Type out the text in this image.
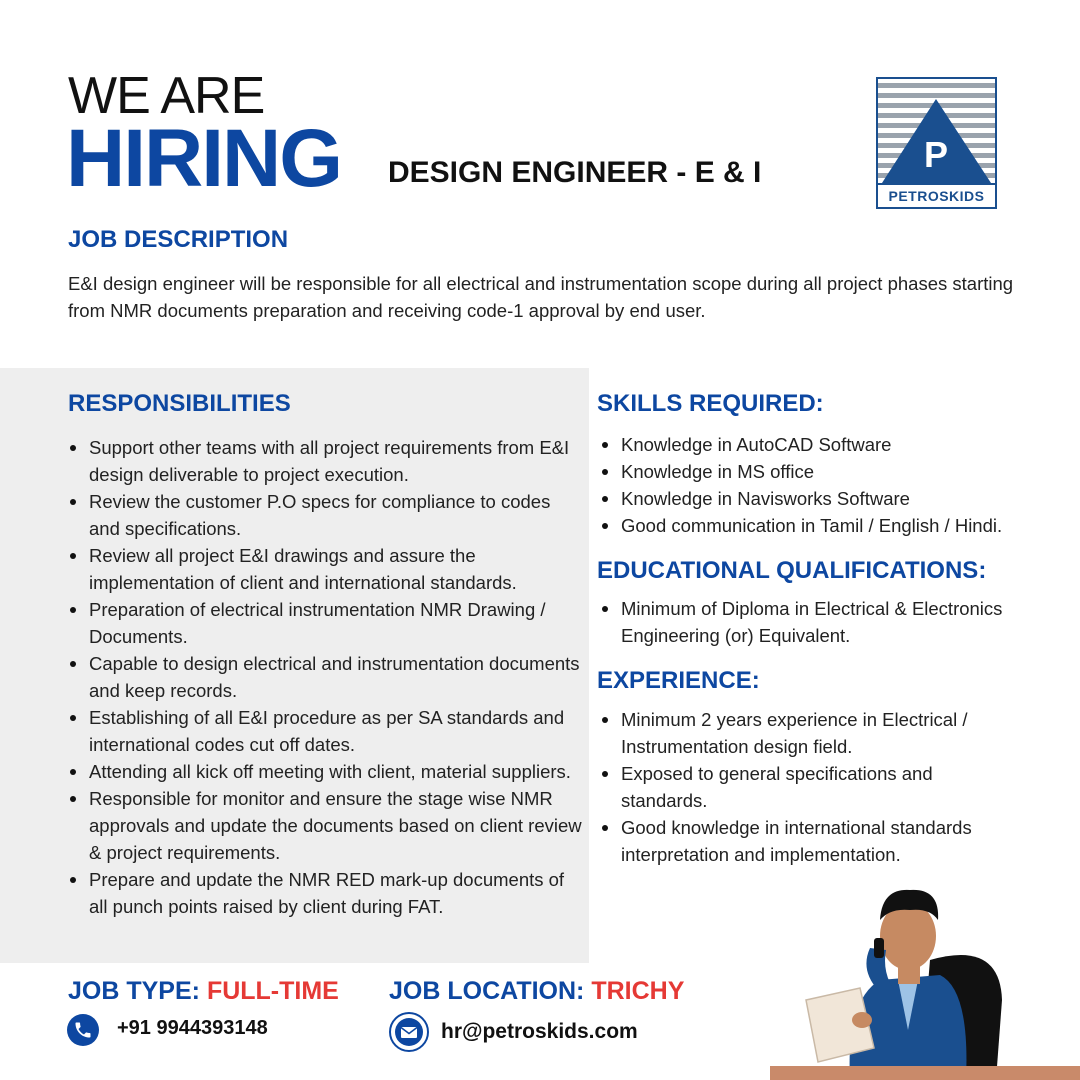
WE ARE
HIRING DESIGN ENGINEER - E & I	P
PETROSKIDS
JOB DESCRIPTION
E&I design engineer will be responsible for all electrical and instrumentation scope during all project phases starting from NMR documents preparation and receiving code-1 approval by end user.
RESPONSIBILITIES
Support other teams with all project requirements from E&I design deliverable to project execution.
Review the customer P.O specs for compliance to codes and specifications.
Review all project E&I drawings and assure the implementation of client and international standards.
Preparation of electrical instrumentation NMR Drawing / Documents.
Capable to design electrical and instrumentation documents and keep records.
Establishing of all E&I procedure as per SA standards and international codes cut off dates.
Attending all kick off meeting with client, material suppliers.
Responsible for monitor and ensure the stage wise NMR approvals and update the documents based on client review & project requirements.
Prepare and update the NMR RED mark-up documents of all punch points raised by client during FAT.
SKILLS REQUIRED:
Knowledge in AutoCAD Software
Knowledge in MS office
Knowledge in Navisworks Software
Good communication in Tamil / English / Hindi.
EDUCATIONAL QUALIFICATIONS:
Minimum of Diploma in Electrical & Electronics Engineering (or) Equivalent.
EXPERIENCE:
Minimum 2 years experience in Electrical / Instrumentation design field.
Exposed to general specifications and standards.
Good knowledge in international standards interpretation and implementation.
JOB TYPE: FULL-TIME JOB LOCATION: TRICHY
+91 9944393148	hr@petroskids.com
